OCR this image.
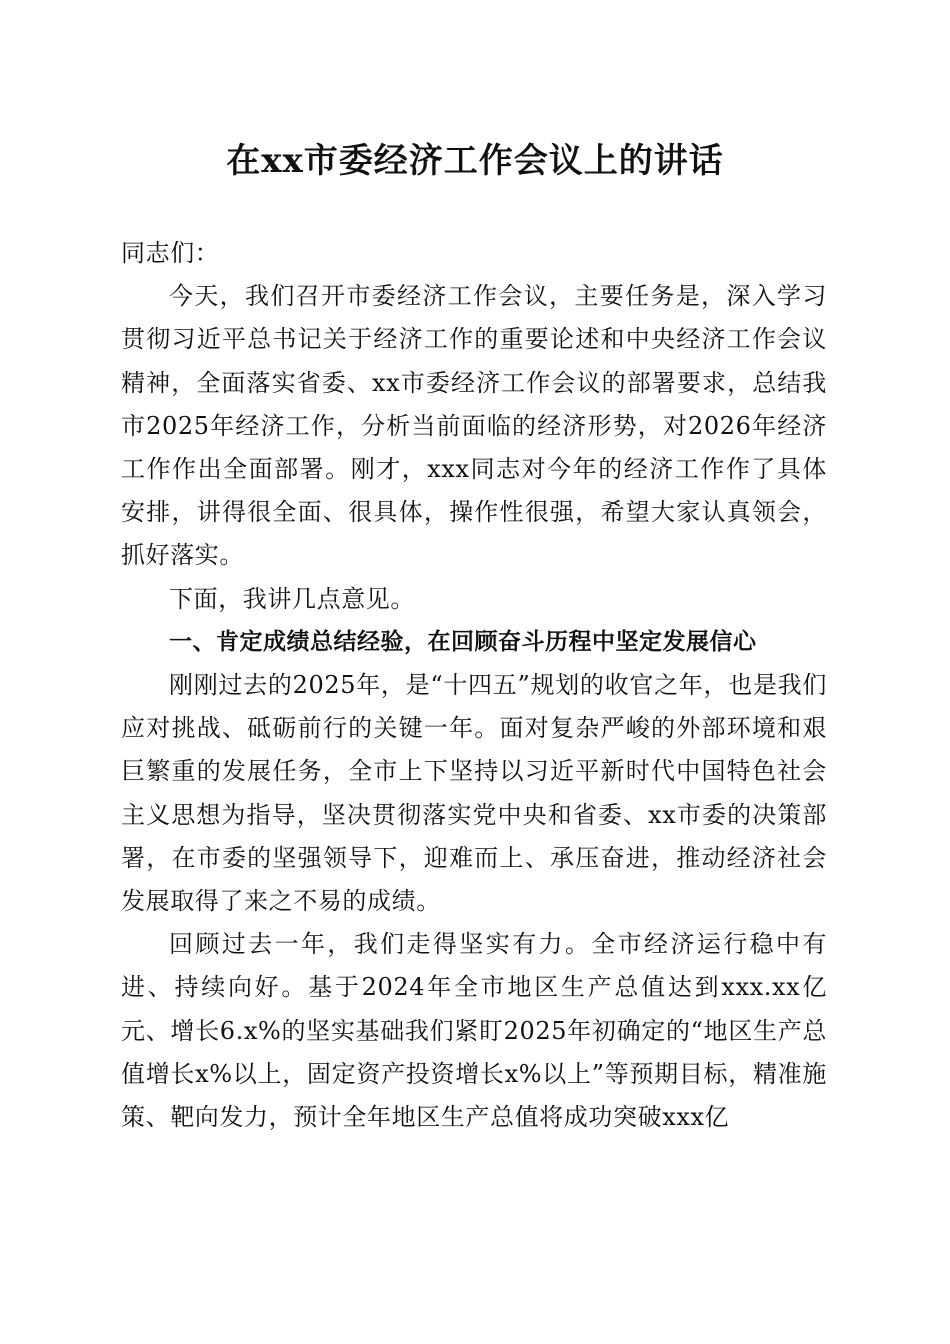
在xx市委经济工作会议上的讲话

同志们：

今天，我们召开市委经济工作会议，主要任务是，深入学习贯彻习近平总书记关于经济工作的重要论述和中央经济工作会议精神，全面落实省委、xx市委经济工作会议的部署要求，总结我市2025年经济工作，分析当前面临的经济形势，对2026年经济工作作出全面部署。刚才，xxx同志对今年的经济工作作了具体安排，讲得很全面、很具体，操作性很强，希望大家认真领会，抓好落实。

下面，我讲几点意见。

一、肯定成绩总结经验，在回顾奋斗历程中坚定发展信心

刚刚过去的2025年，是“十四五”规划的收官之年，也是我们应对挑战、砥砺前行的关键一年。面对复杂严峻的外部环境和艰巨繁重的发展任务，全市上下坚持以习近平新时代中国特色社会主义思想为指导，坚决贯彻落实党中央和省委、xx市委的决策部署，在市委的坚强领导下，迎难而上、承压奋进，推动经济社会发展取得了来之不易的成绩。

回顾过去一年，我们走得坚实有力。全市经济运行稳中有进、持续向好。基于2024年全市地区生产总值达到xxx.xx亿元、增长6.x%的坚实基础我们紧盯2025年初确定的“地区生产总值增长x%以上，固定资产投资增长x%以上”等预期目标，精准施策、靶向发力，预计全年地区生产总值将成功突破xxx亿
